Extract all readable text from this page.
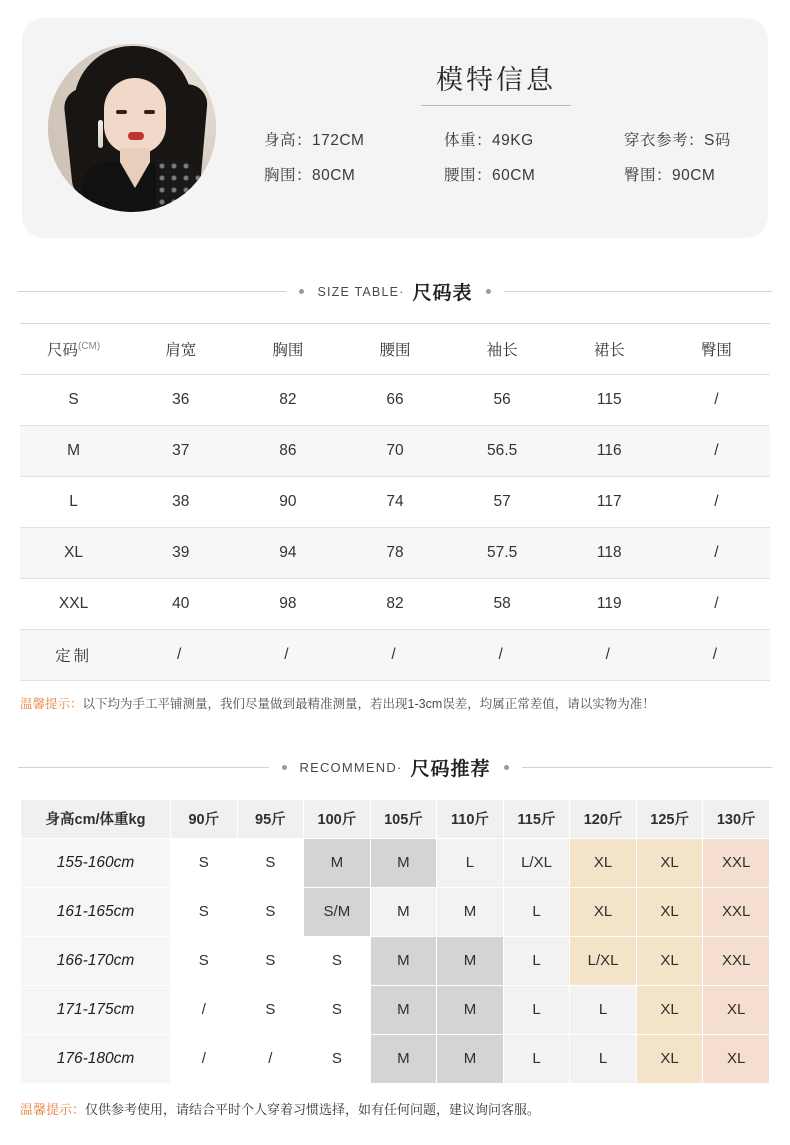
模特信息
身高：172CM	体重：49KG	穿衣参考：S码
胸围：80CM	腰围：60CM	臀围：90CM
SIZE TABLE· 尺码表
尺码$^{(CM)}$	肩宽	胸围	腰围	袖长	裙长	臀围
S	36	82	66	56	115	/
M	37	86	70	56.5	116	/
L	38	90	74	57	117	/
XL	39	94	78	57.5	118	/
XXL	40	98	82	58	119	/
定制	/	/	/	/	/	/
温馨提示：以下均为手工平铺测量，我们尽量做到最精准测量，若出现1-3cm误差，均属正常差值，请以实物为准！
RECOMMEND· 尺码推荐
身高cm/体重kg	90斤	95斤	100斤	105斤	110斤	115斤	120斤	125斤	130斤
155-160cm	S	S	M	M	L	L/XL	XL	XL	XXL
161-165cm	S	S	S/M	M	M	L	XL	XL	XXL
166-170cm	S	S	S	M	M	L	L/XL	XL	XXL
171-175cm	/	S	S	M	M	L	L	XL	XL
176-180cm	/	/	S	M	M	L	L	XL	XL
温馨提示：仅供参考使用，请结合平时个人穿着习惯选择，如有任何问题，建议询问客服。
